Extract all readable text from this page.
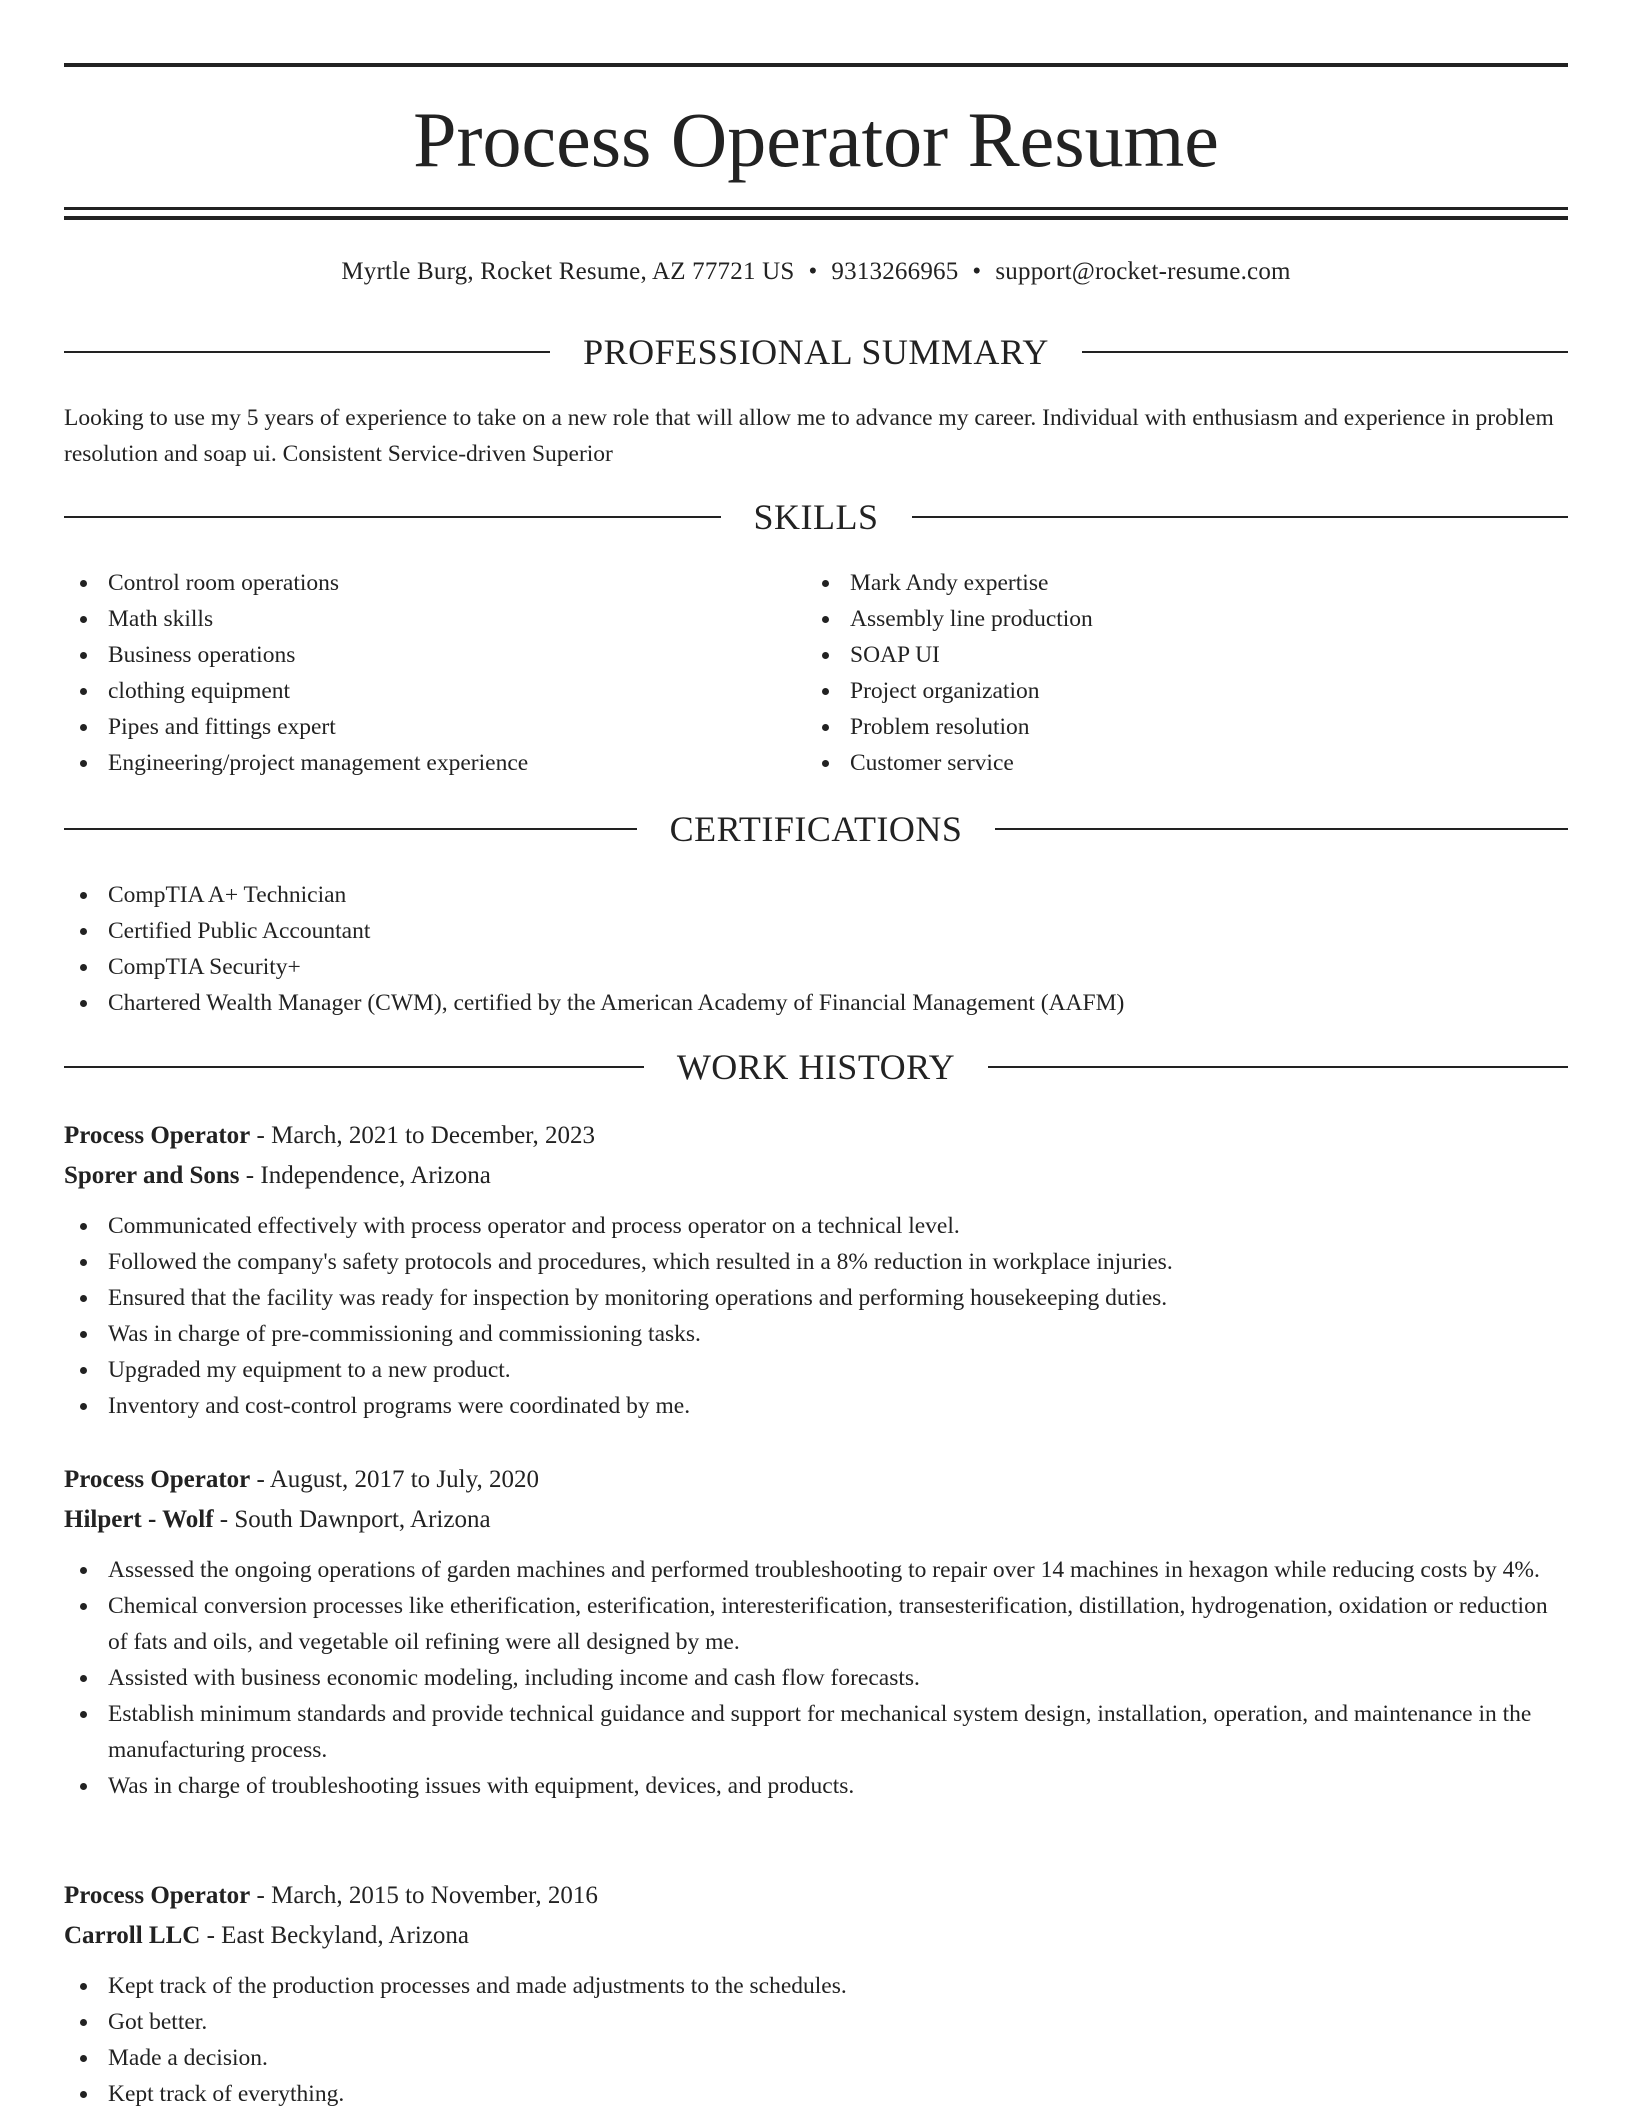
Process Operator Resume
Myrtle Burg, Rocket Resume, AZ 77721 US • 9313266965 • support@rocket-resume.com
PROFESSIONAL SUMMARY
Looking to use my 5 years of experience to take on a new role that will allow me to advance my career. Individual with enthusiasm and experience in problem resolution and soap ui. Consistent Service-driven Superior
SKILLS
Control room operations
Math skills
Business operations
clothing equipment
Pipes and fittings expert
Engineering/project management experience
Mark Andy expertise
Assembly line production
SOAP UI
Project organization
Problem resolution
Customer service
CERTIFICATIONS
CompTIA A+ Technician
Certified Public Accountant
CompTIA Security+
Chartered Wealth Manager (CWM), certified by the American Academy of Financial Management (AAFM)
WORK HISTORY
Process Operator - March, 2021 to December, 2023
Sporer and Sons - Independence, Arizona
Communicated effectively with process operator and process operator on a technical level.
Followed the company's safety protocols and procedures, which resulted in a 8% reduction in workplace injuries.
Ensured that the facility was ready for inspection by monitoring operations and performing housekeeping duties.
Was in charge of pre-commissioning and commissioning tasks.
Upgraded my equipment to a new product.
Inventory and cost-control programs were coordinated by me.
Process Operator - August, 2017 to July, 2020
Hilpert - Wolf - South Dawnport, Arizona
Assessed the ongoing operations of garden machines and performed troubleshooting to repair over 14 machines in hexagon while reducing costs by 4%.
Chemical conversion processes like etherification, esterification, interesterification, transesterification, distillation, hydrogenation, oxidation or reduction of fats and oils, and vegetable oil refining were all designed by me.
Assisted with business economic modeling, including income and cash flow forecasts.
Establish minimum standards and provide technical guidance and support for mechanical system design, installation, operation, and maintenance in the manufacturing process.
Was in charge of troubleshooting issues with equipment, devices, and products.
Process Operator - March, 2015 to November, 2016
Carroll LLC - East Beckyland, Arizona
Kept track of the production processes and made adjustments to the schedules.
Got better.
Made a decision.
Kept track of everything.
